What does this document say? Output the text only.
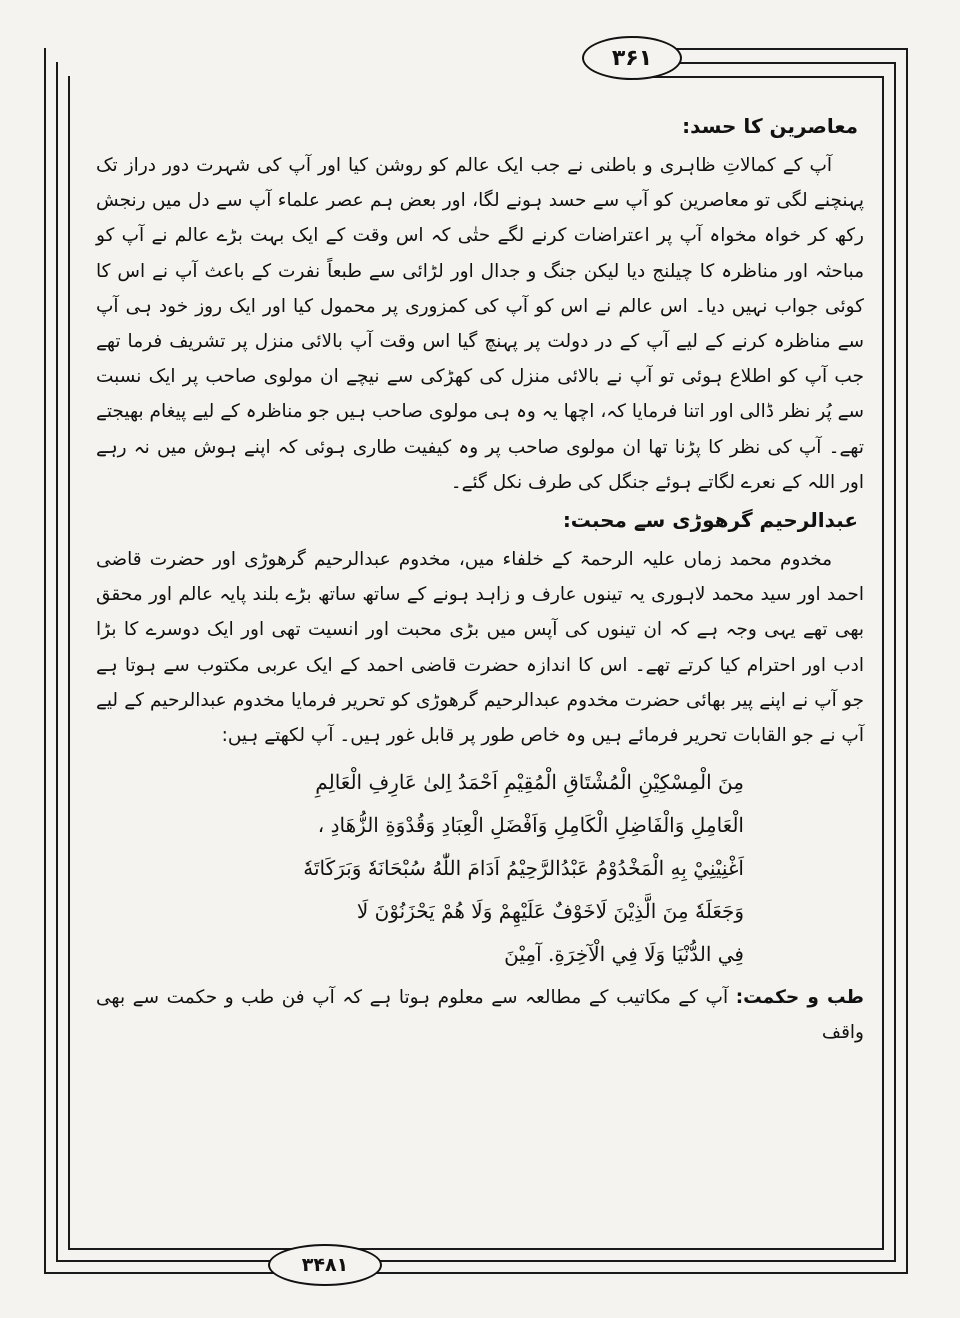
۳۶۱
۳۴۸۱
معاصرین کا حسد:

آپ کے کمالاتِ ظاہری و باطنی نے جب ایک عالم کو روشن کیا اور آپ کی شہرت دور دراز تک پہنچنے لگی تو معاصرین کو آپ سے حسد ہونے لگا، اور بعض ہم عصر علماء آپ سے دل میں رنجش رکھ کر خواہ مخواہ آپ پر اعتراضات کرنے لگے حتٰی کہ اس وقت کے ایک بہت بڑے عالم نے آپ کو مباحثہ اور مناظرہ کا چیلنج دیا لیکن جنگ و جدال اور لڑائی سے طبعاً نفرت کے باعث آپ نے اس کا کوئی جواب نہیں دیا۔ اس عالم نے اس کو آپ کی کمزوری پر محمول کیا اور ایک روز خود ہی آپ سے مناظرہ کرنے کے لیے آپ کے در دولت پر پہنچ گیا اس وقت آپ بالائی منزل پر تشریف فرما تھے جب آپ کو اطلاع ہوئی تو آپ نے بالائی منزل کی کھڑکی سے نیچے ان مولوی صاحب پر ایک نسبت سے پُر نظر ڈالی اور اتنا فرمایا کہ، اچھا یہ وہ ہی مولوی صاحب ہیں جو مناظرہ کے لیے پیغام بھیجتے تھے۔ آپ کی نظر کا پڑنا تھا ان مولوی صاحب پر وہ کیفیت طاری ہوئی کہ اپنے ہوش میں نہ رہے اور اللہ کے نعرے لگاتے ہوئے جنگل کی طرف نکل گئے۔

عبدالرحیم گرھوڑی سے محبت:

مخدوم محمد زماں علیہ الرحمۃ کے خلفاء میں، مخدوم عبدالرحیم گرھوڑی اور حضرت قاضی احمد اور سید محمد لاہوری یہ تینوں عارف و زاہد ہونے کے ساتھ ساتھ بڑے بلند پایہ عالم اور محقق بھی تھے یہی وجہ ہے کہ ان تینوں کی آپس میں بڑی محبت اور انسیت تھی اور ایک دوسرے کا بڑا ادب اور احترام کیا کرتے تھے۔ اس کا اندازہ حضرت قاضی احمد کے ایک عربی مکتوب سے ہوتا ہے جو آپ نے اپنے پیر بھائی حضرت مخدوم عبدالرحیم گرھوڑی کو تحریر فرمایا مخدوم عبدالرحیم کے لیے آپ نے جو القابات تحریر فرمائے ہیں وہ خاص طور پر قابل غور ہیں۔ آپ لکھتے ہیں:

مِنَ الْمِسْكِيْنِ الْمُشْتَاقِ الْمُقِيْمِ اَحْمَدُ اِلىٰ عَارِفِ الْعَالِمِ
الْعَامِلِ وَالْفَاضِلِ الْكَامِلِ وَاَفْضَلِ الْعِبَادِ وَقُدْوَةِ الزُّهَادِ ،
اَغْنِيْنِيْ بِهِ الْمَخْدُوْمُ عَبْدُالرَّحِيْمُ اَدَامَ اللّٰهُ سُبْحَانَهٗ وَبَرَكَاتَهٗ
وَجَعَلَهٗ مِنَ الَّذِيْنَ لَاخَوْفٌ عَلَيْهِمْ وَلَا هُمْ يَحْزَنُوْنَ لَا
فِي الدُّنْيَا وَلَا فِي الْآخِرَةِ. آمِيْنَ
طب و حکمت: آپ کے مکاتیب کے مطالعہ سے معلوم ہوتا ہے کہ آپ فن طب و حکمت سے بھی واقف
